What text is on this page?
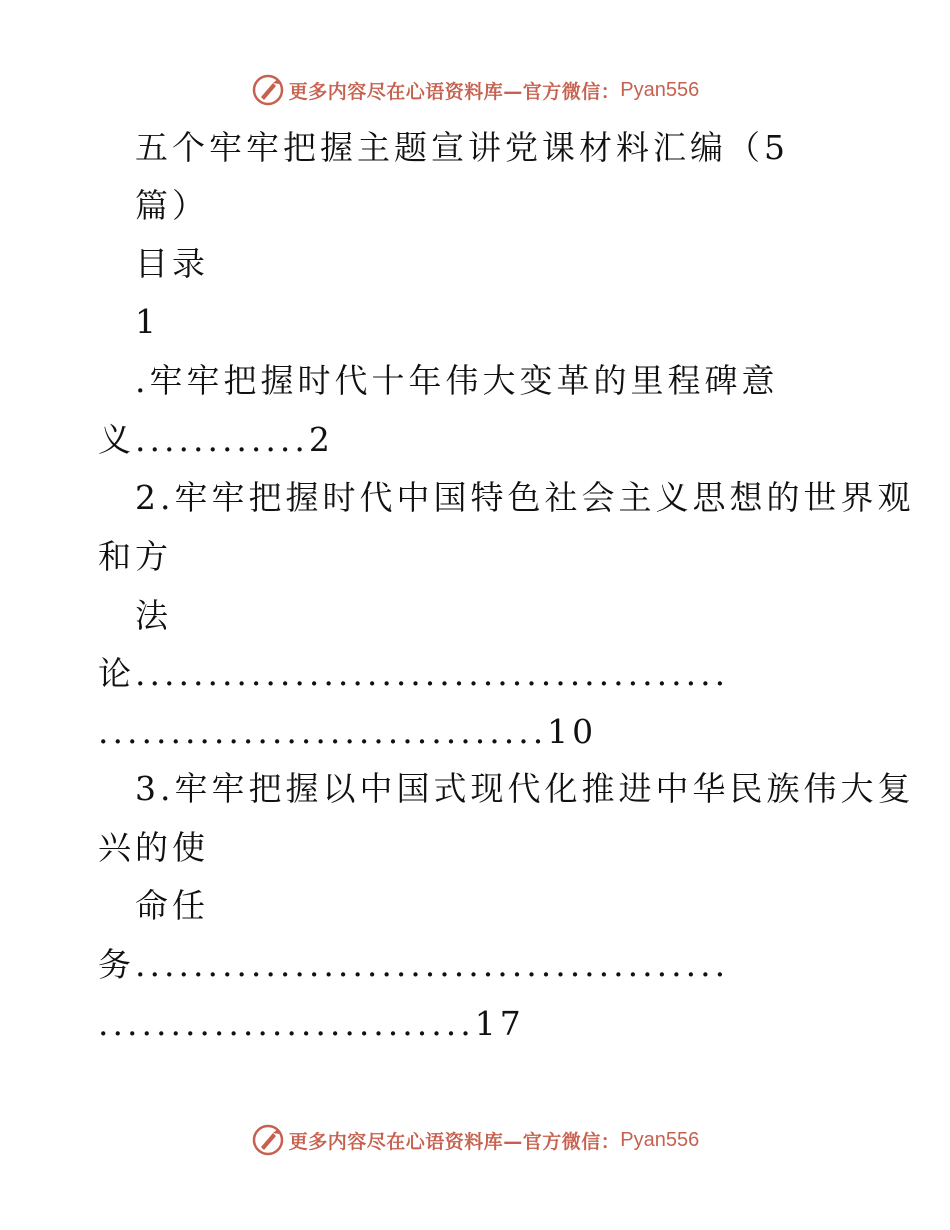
更多内容尽在心语资料库—官方微信： Pyan556
五个牢牢把握主题宣讲党课材料汇编（5
篇）
目录
1
.牢牢把握时代十年伟大变革的里程碑意
义............2
2.牢牢把握时代中国特色社会主义思想的世界观
和方
法
论.........................................
...............................10
3.牢牢把握以中国式现代化推进中华民族伟大复
兴的使
命任
务.........................................
..........................17
更多内容尽在心语资料库—官方微信： Pyan556
